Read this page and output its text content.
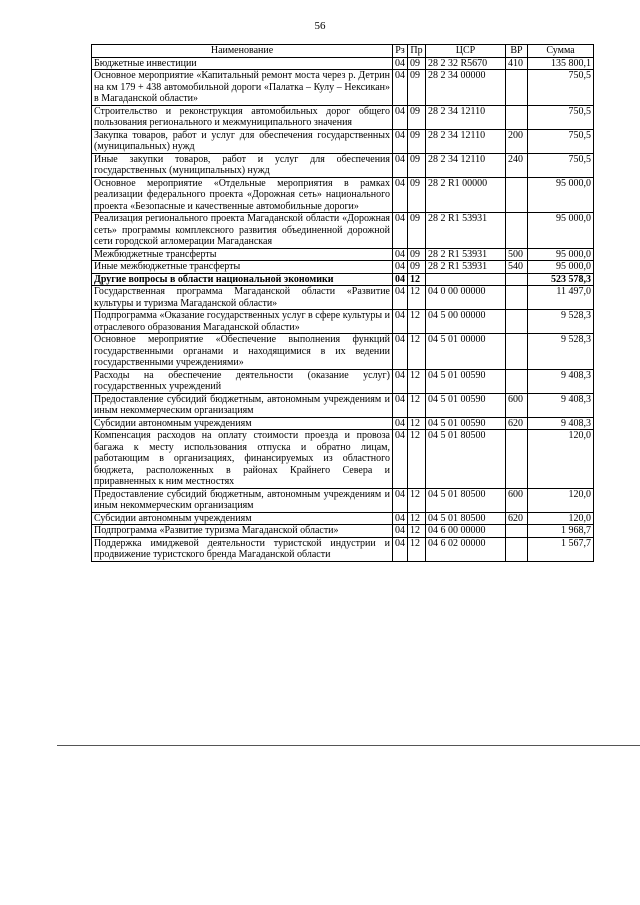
56
Наименование	Рз	Пр	ЦСР	ВР	Сумма
Бюджетные инвестиции	04	09	28 2 32 R5670	410	135 800,1
Основное мероприятие «Капитальный ремонт моста через р. Детрин на км 179 + 438 автомобильной дороги «Палатка – Кулу – Нексикан» в Магаданской области»	04	09	28 2 34 00000		750,5
Строительство и реконструкция автомобильных дорог общего пользования регионального и межмуниципального значения	04	09	28 2 34 12110		750,5
Закупка товаров, работ и услуг для обеспечения государственных (муниципальных) нужд	04	09	28 2 34 12110	200	750,5
Иные закупки товаров, работ и услуг для обеспечения государственных (муниципальных) нужд	04	09	28 2 34 12110	240	750,5
Основное мероприятие «Отдельные мероприятия в рамках реализации федерального проекта «Дорожная сеть» национального проекта «Безопасные и качественные автомобильные дороги»	04	09	28 2 R1 00000		95 000,0
Реализация регионального проекта Магаданской области «Дорожная сеть» программы комплексного развития объединенной дорожной сети городской агломерации Магаданская	04	09	28 2 R1 53931		95 000,0
Межбюджетные трансферты	04	09	28 2 R1 53931	500	95 000,0
Иные межбюджетные трансферты	04	09	28 2 R1 53931	540	95 000,0
Другие вопросы в области национальной экономики	04	12			523 578,3
Государственная программа Магаданской области «Развитие культуры и туризма Магаданской области»	04	12	04 0 00 00000		11 497,0
Подпрограмма «Оказание государственных услуг в сфере культуры и отраслевого образования Магаданской области»	04	12	04 5 00 00000		9 528,3
Основное мероприятие «Обеспечение выполнения функций государственными органами и находящимися в их ведении государственными учреждениями»	04	12	04 5 01 00000		9 528,3
Расходы на обеспечение деятельности (оказание услуг) государственных учреждений	04	12	04 5 01 00590		9 408,3
Предоставление субсидий бюджетным, автономным учреждениям и иным некоммерческим организациям	04	12	04 5 01 00590	600	9 408,3
Субсидии автономным учреждениям	04	12	04 5 01 00590	620	9 408,3
Компенсация расходов на оплату стоимости проезда и провоза багажа к месту использования отпуска и обратно лицам, работающим в организациях, финансируемых из областного бюджета, расположенных в районах Крайнего Севера и приравненных к ним местностях	04	12	04 5 01 80500		120,0
Предоставление субсидий бюджетным, автономным учреждениям и иным некоммерческим организациям	04	12	04 5 01 80500	600	120,0
Субсидии автономным учреждениям	04	12	04 5 01 80500	620	120,0
Подпрограмма «Развитие туризма Магаданской области»	04	12	04 6 00 00000		1 968,7
Поддержка имиджевой деятельности туристской индустрии и продвижение туристского бренда Магаданской области	04	12	04 6 02 00000		1 567,7
